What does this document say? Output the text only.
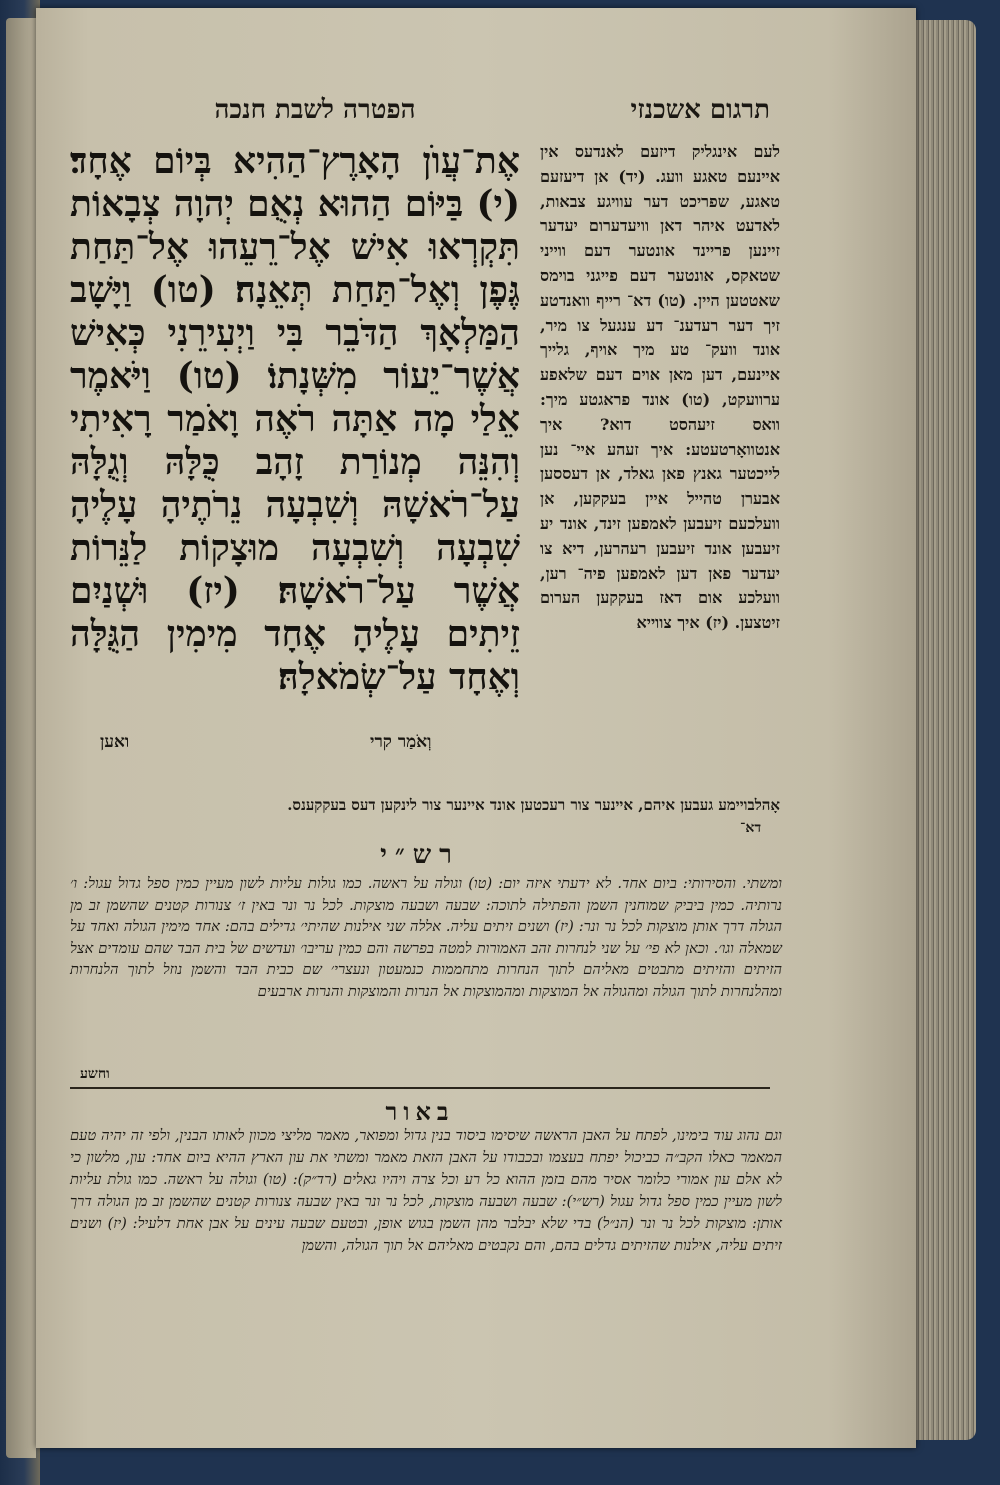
תרגום אשכנזי
הפטרה לשבת חנכה
אֶת־עֲוֺן הָאָרֶץ־הַהִיא בְּיוֹם אֶחָד׃ (י) בַּיּוֹם הַהוּא נְאֻם יְהוָה צְבָאוֹת תִּקְרְאוּ אִישׁ אֶל־רֵעֵהוּ אֶל־תַּחַת גֶּפֶן וְאֶל־תַּחַת תְּאֵנָה׃ (טו) וַיָּשָׁב הַמַּלְאָךְ הַדֹּבֵר בִּי וַיְעִירֵנִי כְּאִישׁ אֲשֶׁר־יֵעוֹר מִשְּׁנָתוֹ׃ (טו) וַיֹּאמֶר אֵלַי מָה אַתָּה רֹאֶה וָאֹמַר רָאִיתִי וְהִנֵּה מְנוֹרַת זָהָב כֻּלָּהּ וְגֻלָּהּ עַל־רֹאשָׁהּ וְשִׁבְעָה נֵרֹתֶיהָ עָלֶיהָ שִׁבְעָה וְשִׁבְעָה מוּצָקוֹת לַנֵּרוֹת אֲשֶׁר עַל־רֹאשָׁהּ׃ (יז) וּשְׁנַיִם זֵיתִים עָלֶיהָ אֶחָד מִימִין הַגֻּלָּה וְאֶחָד עַל־שְׂמֹאלָהּ׃
ואען	וְאֹמַר קרי
לעם אינגליק דיזעם לאנדעס אין איינעם טאגע וועג. (יד) אן דיעזעם טאגע, שפריכט דער עוויגע צבאות, לאדעט איהר דאן וויעדערום יעדער זיינען פריינד אונטער דעם ווייני שטאקס, אונטער דעם פייגני בוימס שאטטען היין. (טו) דא־ רייף וואנדטע זיך דער רעדענ־ דע ענגעל צו מיר, אונד וועק־ טע מיך אויף, גלייך איינעם, דען מאן אוים דעם שלאפע ערוועקט, (טו) אונד פראגטע מיך: וואס זיעהסט דוא? איך אנטוואָרטעטע: איך זעהע איי־ נען לייכטער גאנץ פאן גאלד, אן דעססען אבערן טהייל איין בעקקען, אן וועלכעם זיעבען לאמפען זינד, אונד יע זיעבען אונד זיעבען רעהרען, דיא צו יעדער פאן דען לאמפען פיה־ רען, וועלכע אום דאז בעקקען הערום זיטצען. (יז) איך צווייא
אָהלבויימע געבען איהם, איינער צור רעכטען אונד איינער צור לינקען דעס בעקקענס.
דא־
רש״י
ומשתי. והסירותי: ביום אחד. לא ידעתי איזה יום: (טו) וגולה על ראשה. כמו גולות עליות לשון מעיין כמין ספל גדול עגול: ו׳ נרותיה. כמין ביביק שמוחנין השמן והפתילה לתוכה: שבעה ושבעה מוצקות. לכל נר ונר באין ז׳ צנורות קטנים שהשמן זב מן הגולה דרך אותן מוצקות לכל נר ונר: (יז) ושנים זיתים עליה. אללה שני אילנות שהיתי׳ גדילים בהם: אחד מימין הגולה ואחד על שמאלה וגו׳. וכאן לא פי׳ על שני לנחרות זהב האמורות למטה בפרשה והם כמין עריבו׳ ועדשים של בית הבד שהם עומדים אצל הזיתים והזיתים מתבטים מאליהם לתוך הנחרות מתחממות כנמעטון ונעצרי׳ שם כבית הבד והשמן נוזל לתוך הלנחרות ומהלנחרות לתוך הגולה ומהגולה אל המוצקות ומהמוצקות אל הנרות והמוצקות והנרות ארבעים
וחשע
באור
וגם נהוג עוד בימינו, לפתח על האבן הראשה שיסימו ביסוד בנין גדול ומפואר, מאמר מליצי מכוון לאותו הבנין, ולפי זה יהיה טעם המאמר כאלו הקב״ה כביכול יפתח בעצמו ובכבודו על האבן הזאת מאמר ומשתי את עון הארץ ההיא ביום אחד: עון, מלשון כי לא אלם עון אמורי כלומר אסיר מהם בזמן ההוא כל רע וכל צרה ויהיו גאלים (רד״ק): (טו) וגולה על ראשה. כמו גולת עליות לשון מעיין כמין ספל גדול עגול (רש״י): שבעה ושבעה מוצקות, לכל נר ונר באין שבעה צנורות קטנים שהשמן זב מן הגולה דרך אותן: מוצקות לכל נר ונר (הנ״ל) בדי שלא יבלבר מהן השמן בגוש אופן, ובטעם שבעה עינים על אבן אחת דלעיל: (יז) ושנים זיתים עליה, אילנות שהזיתים גדלים בהם, והם נקבטים מאליהם אל תוך הגולה, והשמן
